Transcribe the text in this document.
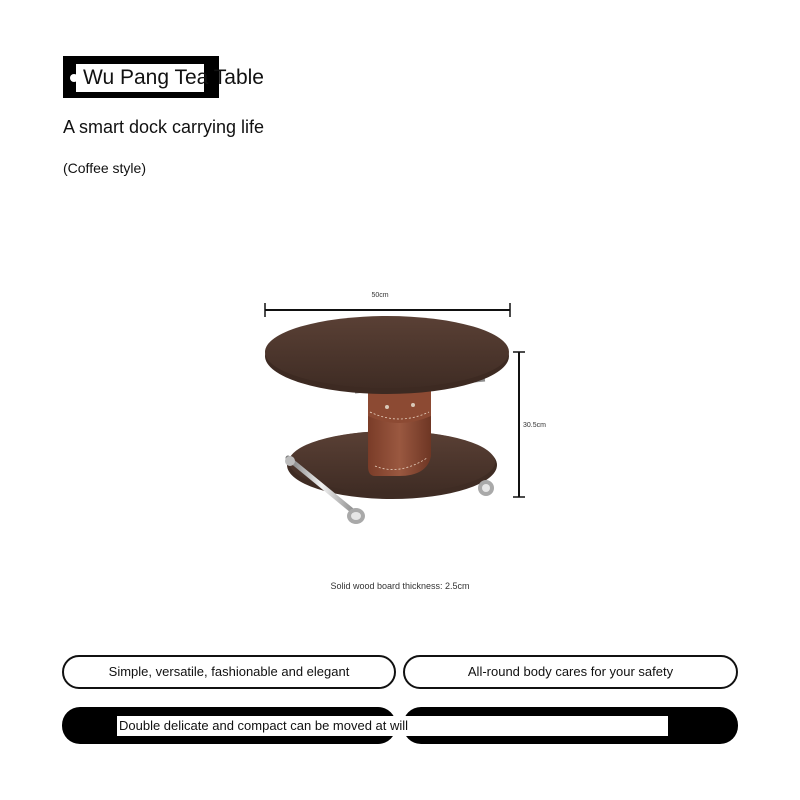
Wu Pang Tea Table
A smart dock carrying life
(Coffee style)
50cm
30.5cm
Solid wood board thickness: 2.5cm
Simple, versatile, fashionable and elegant	All-round body cares for your safety
Double delicate and compact can be moved at will
